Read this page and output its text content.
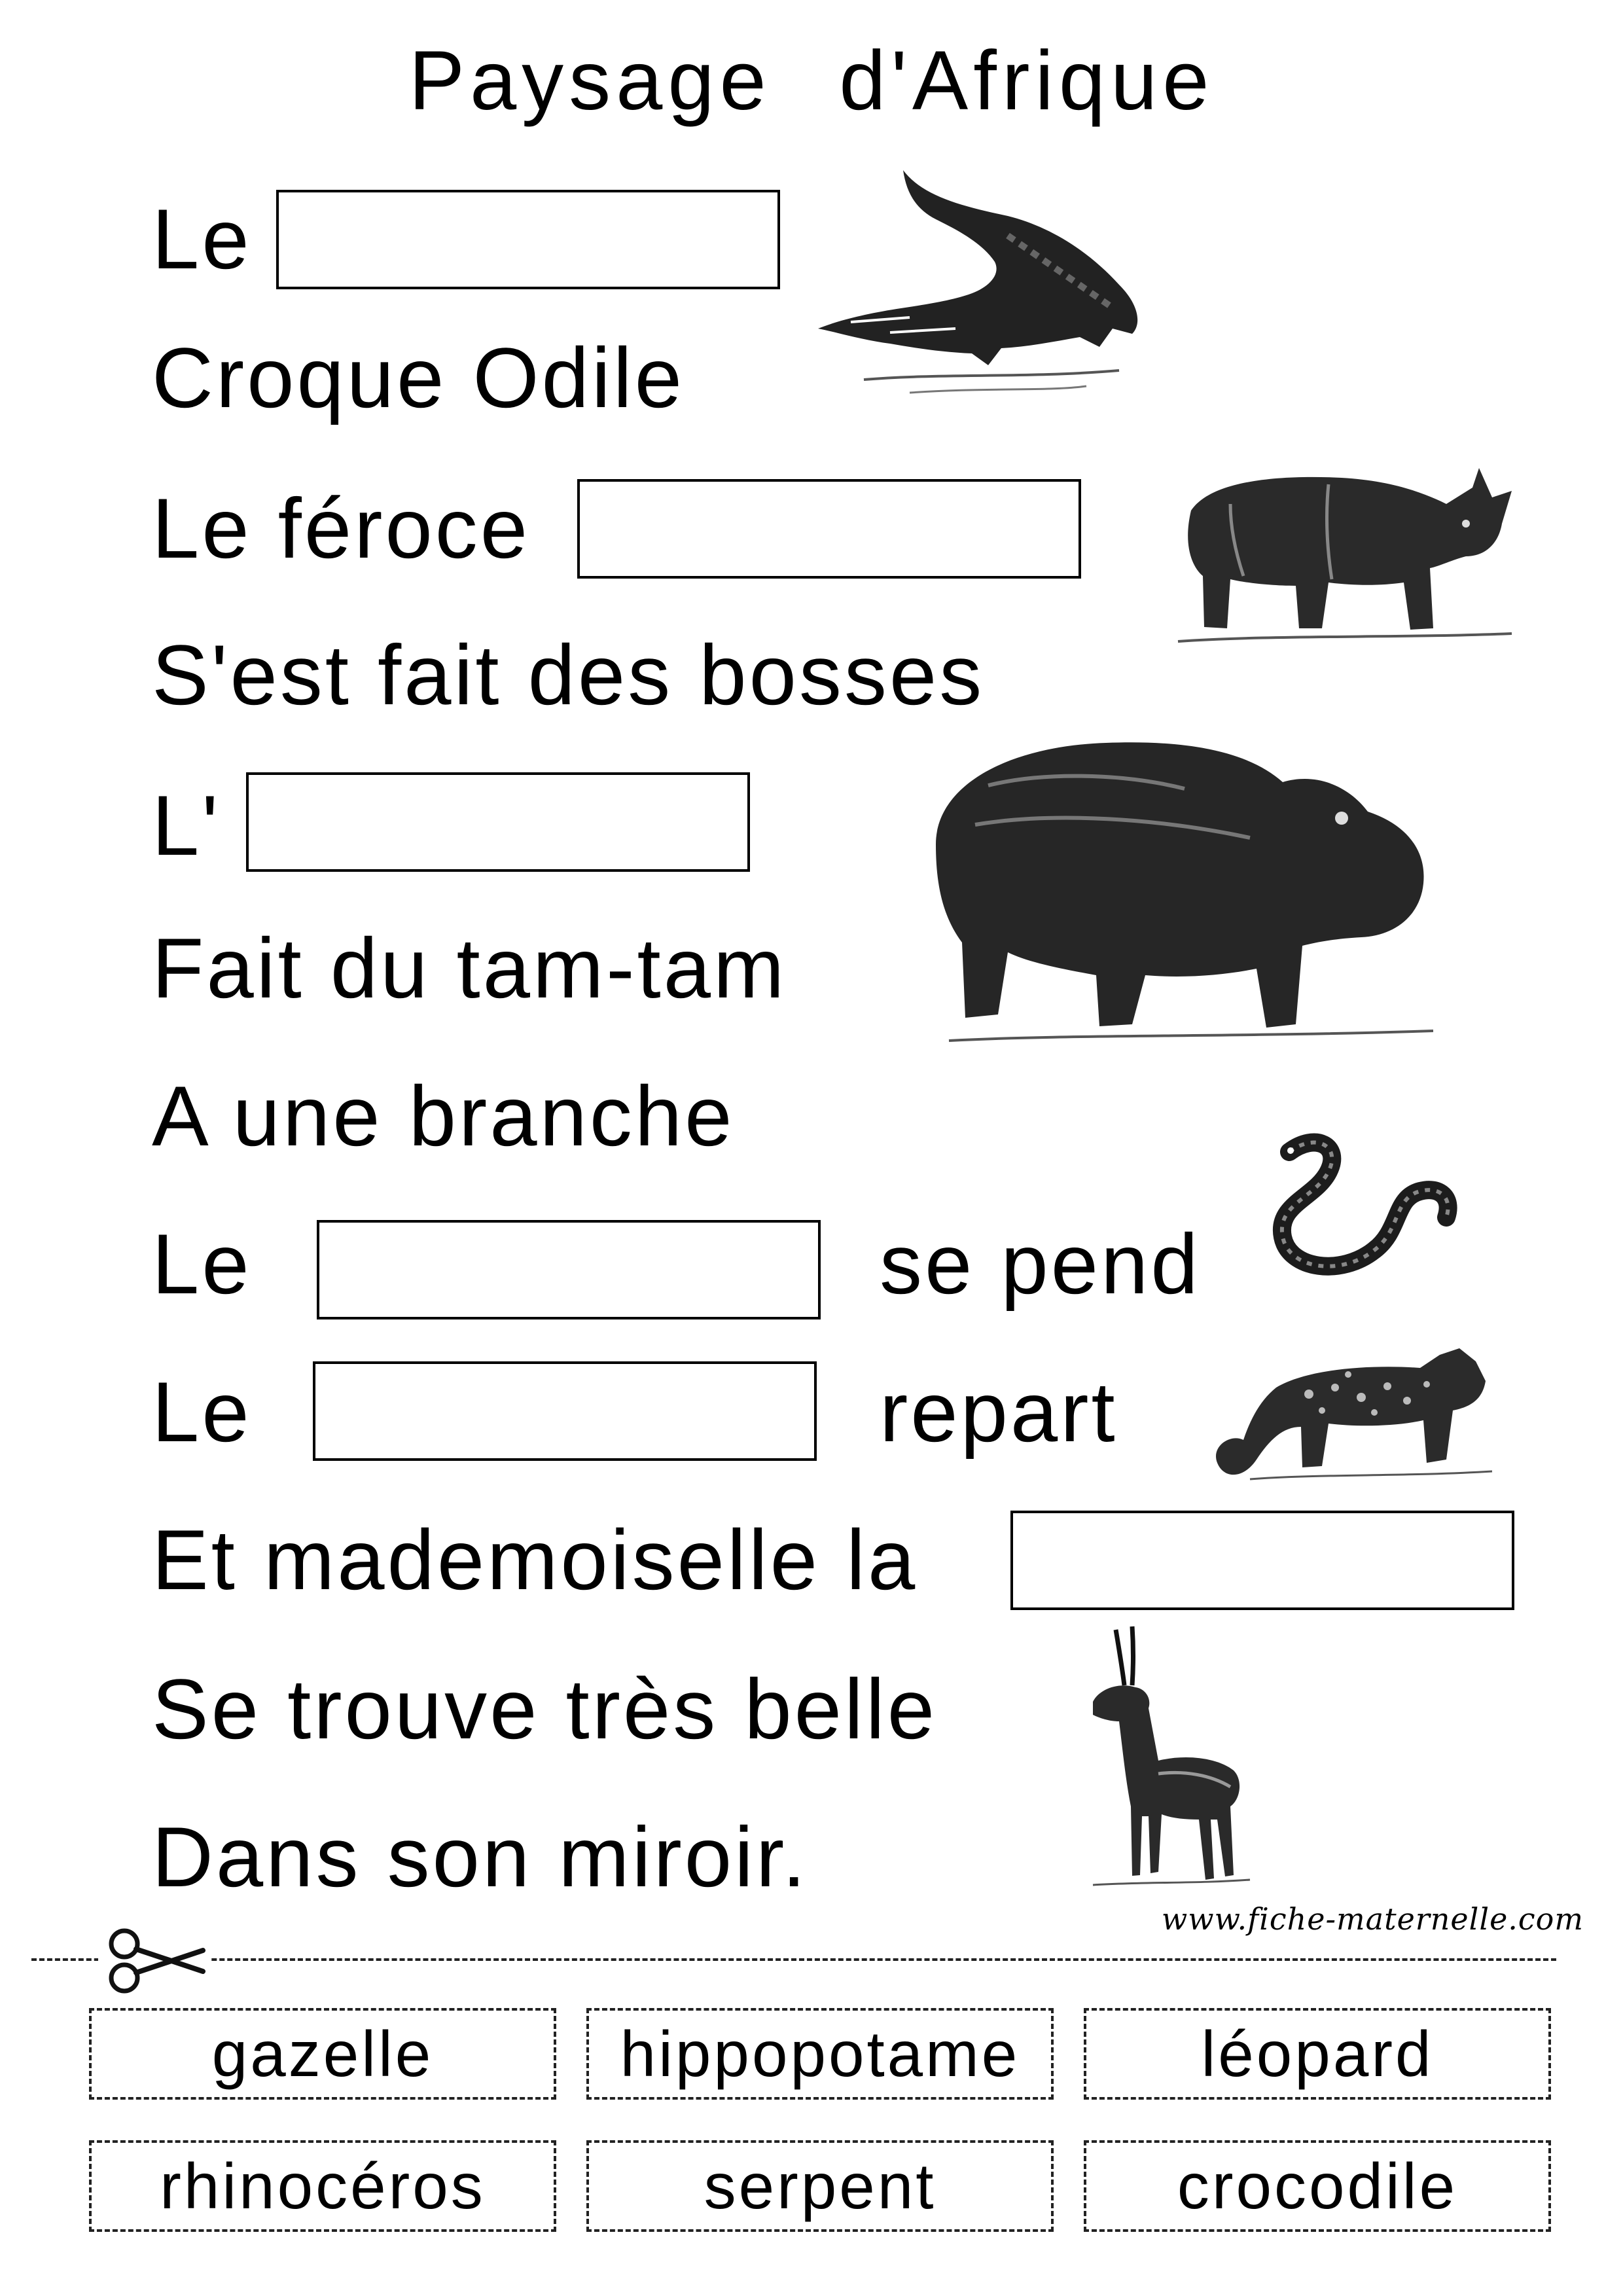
Paysage d'Afrique
Le
Croque Odile
Le féroce
S'est fait des bosses
L'
Fait du tam-tam
A une branche
Le	se pend
Le	repart
Et mademoiselle la
Se trouve très belle
Dans son miroir.
www.fiche-maternelle.com
gazelle	hippopotame	léopard
rhinocéros	serpent	crocodile
